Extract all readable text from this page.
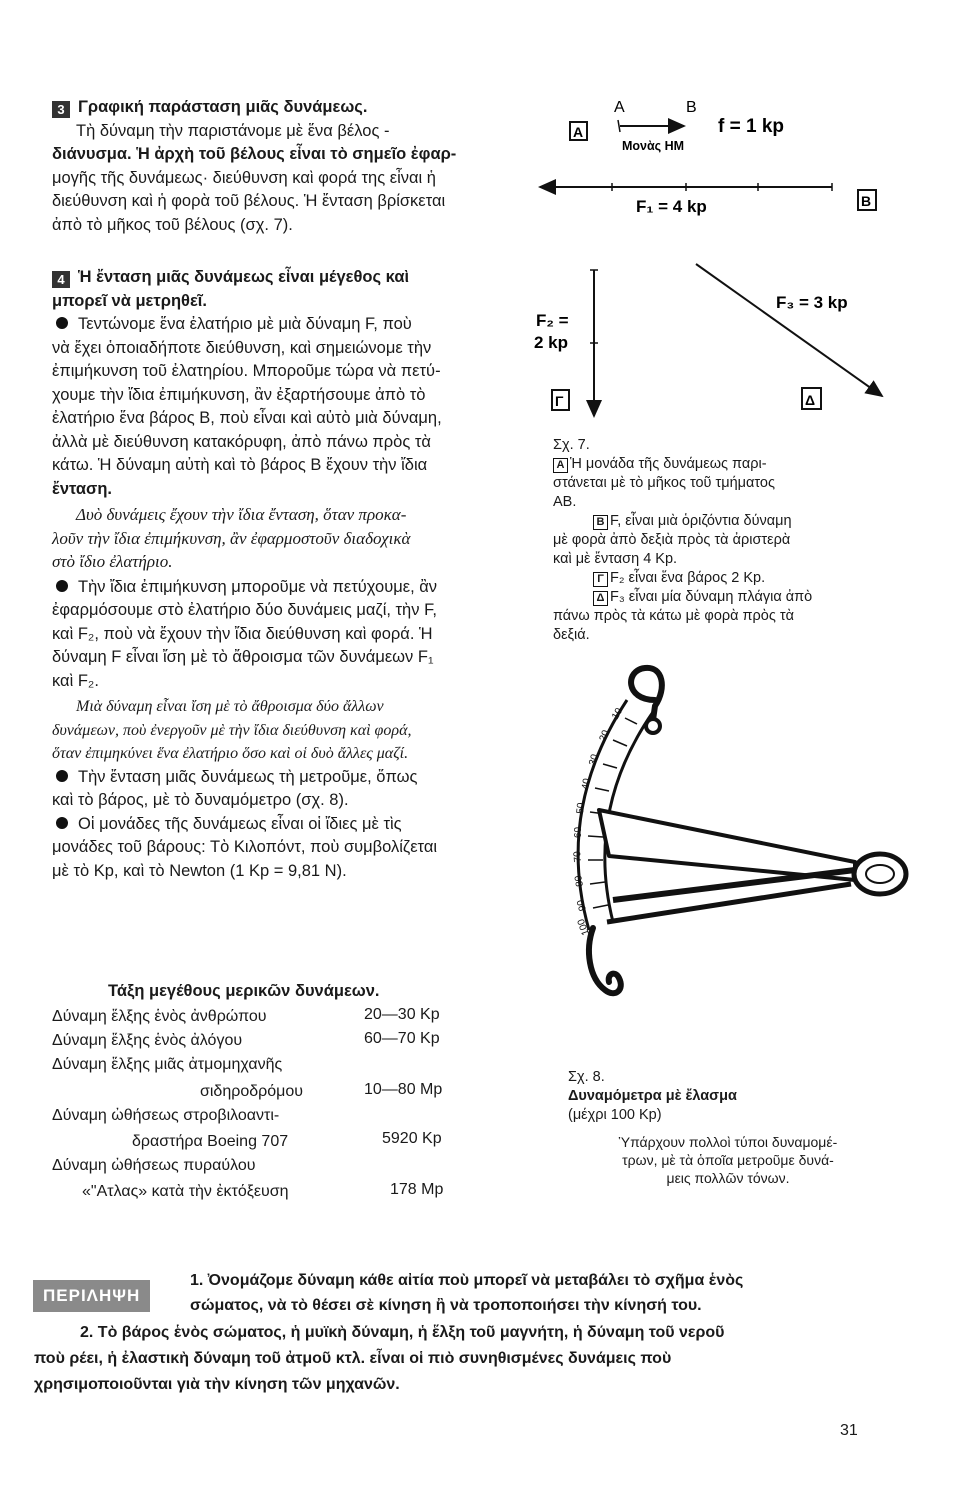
3 Γραφική παράσταση μιᾶς δυνάμεως.
Τὴ δύναμη τὴν παριστάνομε μὲ ἕνα βέλος -
διάνυσμα. Ἡ ἀρχὴ τοῦ βέλους εἶναι τὸ σημεῖο ἐφαρ-
μογῆς τῆς δυνάμεως· διεύθυνση καὶ φορά της εἶναι ἡ
διεύθυνση καὶ ἡ φορὰ τοῦ βέλους. Ἡ ἔνταση βρίσκεται
ἀπὸ τὸ μῆκος τοῦ βέλους (σχ. 7).
4 Ἡ ἔνταση μιᾶς δυνάμεως εἶναι μέγεθος καὶ
μπορεῖ νὰ μετρηθεῖ.
Τεντώνομε ἕνα ἐλατήριο μὲ μιὰ δύναμη F, ποὺ
νὰ ἔχει ὁποιαδήποτε διεύθυνση, καὶ σημειώνομε τὴν
ἐπιμήκυνση τοῦ ἐλατηρίου. Μποροῦμε τώρα νὰ πετύ-
χουμε τὴν ἴδια ἐπιμήκυνση, ἂν ἐξαρτήσουμε ἀπὸ τὸ
ἐλατήριο ἕνα βάρος B, ποὺ εἶναι καὶ αὐτὸ μιὰ δύναμη,
ἀλλὰ μὲ διεύθυνση κατακόρυφη, ἀπὸ πάνω πρὸς τὰ
κάτω. Ἡ δύναμη αὐτὴ καὶ τὸ βάρος B ἔχουν τὴν ἴδια
ἔνταση.
Δυὸ δυνάμεις ἔχουν τὴν ἴδια ἔνταση, ὅταν προκα-
λοῦν τὴν ἴδια ἐπιμήκυνση, ἂν ἐφαρμοστοῦν διαδοχικὰ
στὸ ἴδιο ἐλατήριο.
Τὴν ἴδια ἐπιμήκυνση μποροῦμε νὰ πετύχουμε, ἂν
ἐφαρμόσουμε στὸ ἐλατήριο δύο δυνάμεις μαζί, τὴν F,
καὶ F₂, ποὺ νὰ ἔχουν τὴν ἴδια διεύθυνση καὶ φορά. Ἡ
δύναμη F εἶναι ἴση μὲ τὸ ἄθροισμα τῶν δυνάμεων F₁
καὶ F₂.
Μιὰ δύναμη εἶναι ἴση μὲ τὸ ἄθροισμα δύο ἄλλων
δυνάμεων, ποὺ ἐνεργοῦν μὲ τὴν ἴδια διεύθυνση καὶ φορά,
ὅταν ἐπιμηκύνει ἕνα ἐλατήριο ὅσο καὶ οἱ δυὸ ἄλλες μαζί.
Τὴν ἔνταση μιᾶς δυνάμεως τὴ μετροῦμε, ὅπως
καὶ τὸ βάρος, μὲ τὸ δυναμόμετρο (σχ. 8).
Οἱ μονάδες τῆς δυνάμεως εἶναι οἱ ἴδιες μὲ τὶς
μονάδες τοῦ βάρους: Τὸ Κιλοπόντ, ποὺ συμβολίζεται
μὲ τὸ Kp, καὶ τὸ Newton (1 Kp = 9,81 N).
Τάξη μεγέθους μερικῶν δυνάμεων.
Δύναμη ἕλξης ἑνὸς ἀνθρώπου	20—30 Kp
Δύναμη ἕλξης ἑνὸς ἀλόγου	60—70 Kp
Δύναμη ἕλξης μιᾶς ἀτμομηχανῆς
σιδηροδρόμου	10—80 Mp
Δύναμη ὠθήσεως στροβιλοαντι-
δραστήρα Boeing 707	5920 Kp
Δύναμη ὠθήσεως πυραύλου
«"Ατλας» κατὰ τὴν ἐκτόξευση	178 Mp
A	B
f = 1 kp
Μονὰς ΗΜ
A
F₁ = 4 kp	B
F₂ =
2 kp
Γ
F₃ = 3 kp
Δ
Σχ. 7.
A Ἡ μονάδα τῆς δυνάμεως παρι-
στάνεται μὲ τὸ μῆκος τοῦ τμήματος
AB.
B F, εἶναι μιὰ ὁριζόντια δύναμη
μὲ φορὰ ἀπὸ δεξιὰ πρὸς τὰ ἀριστερὰ
καὶ μὲ ἔνταση 4 Kp.
Γ F₂ εἶναι ἕνα βάρος 2 Kp.
Δ F₃ εἶναι μία δύναμη πλάγια ἀπὸ
πάνω πρὸς τὰ κάτω μὲ φορὰ πρὸς τὰ
δεξιά.
10
20
30
40
50
60
70
80
90
100
Σχ. 8.
Δυναμόμετρα μὲ ἔλασμα
(μέχρι 100 Kp)
Ὑπάρχουν πολλοὶ τύποι δυναμομέ-
τρων, μὲ τὰ ὁποῖα μετροῦμε δυνά-
μεις πολλῶν τόνων.
ΠΕΡΙΛΗΨΗ
1. Ὀνομάζομε δύναμη κάθε αἰτία ποὺ μπορεῖ νὰ μεταβάλει τὸ σχῆμα ἑνὸς
σώματος, νὰ τὸ θέσει σὲ κίνηση ἢ νὰ τροποποιήσει τὴν κίνησή του.
2. Τὸ βάρος ἑνὸς σώματος, ἡ μυϊκὴ δύναμη, ἡ ἕλξη τοῦ μαγνήτη, ἡ δύναμη τοῦ νεροῦ
ποὺ ρέει, ἡ ἐλαστικὴ δύναμη τοῦ ἀτμοῦ κτλ. εἶναι οἱ πιὸ συνηθισμένες δυνάμεις ποὺ
χρησιμοποιοῦνται γιὰ τὴν κίνηση τῶν μηχανῶν.
31
